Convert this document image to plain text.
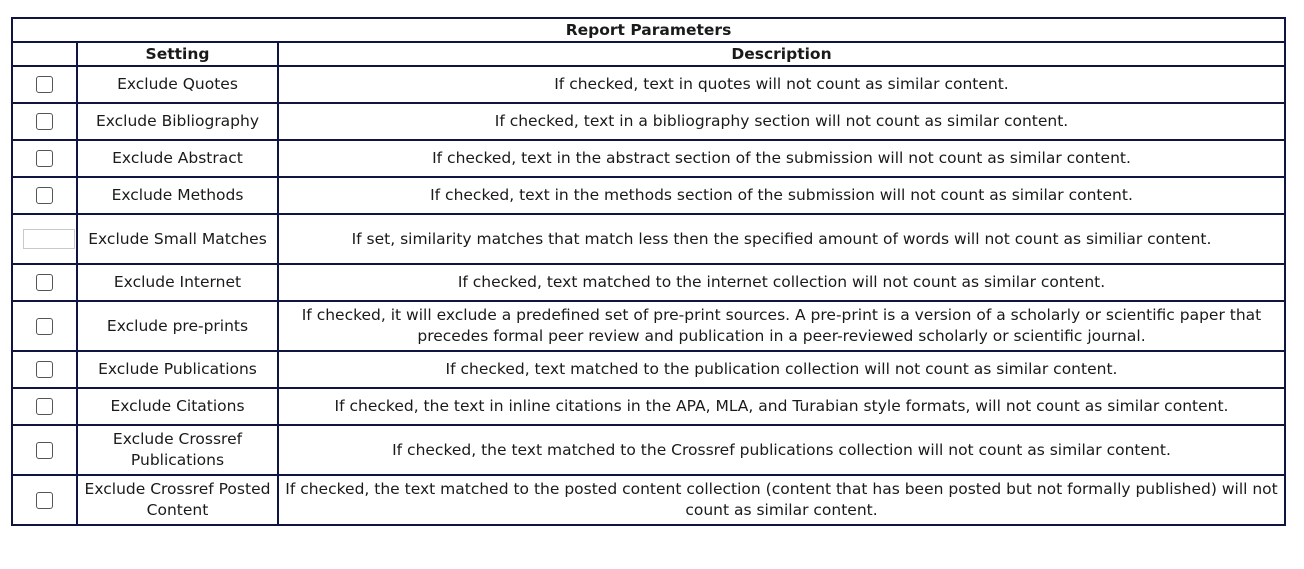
Report Parameters		
	Setting	Description
	Exclude Quotes	If checked, text in quotes will not count as similar content.
	Exclude Bibliography	If checked, text in a bibliography section will not count as similar content.
	Exclude Abstract	If checked, text in the abstract section of the submission will not count as similar content.
	Exclude Methods	If checked, text in the methods section of the submission will not count as similar content.

	Exclude Small Matches	If set, similarity matches that match less then the specified amount of words will not count as similiar content.
	Exclude Internet	If checked, text matched to the internet collection will not count as similar content.
	Exclude pre-prints	If checked, it will exclude a predefined set of pre-print sources. A pre-print is a version of a scholarly or scientific paper that precedes formal peer review and publication in a peer-reviewed scholarly or scientific journal.
	Exclude Publications	If checked, text matched to the publication collection will not count as similar content.
	Exclude Citations	If checked, the text in inline citations in the APA, MLA, and Turabian style formats, will not count as similar content.
	Exclude Crossref Publications	If checked, the text matched to the Crossref publications collection will not count as similar content.
	Exclude Crossref Posted Content	If checked, the text matched to the posted content collection (content that has been posted but not formally published) will not count as similar content.
